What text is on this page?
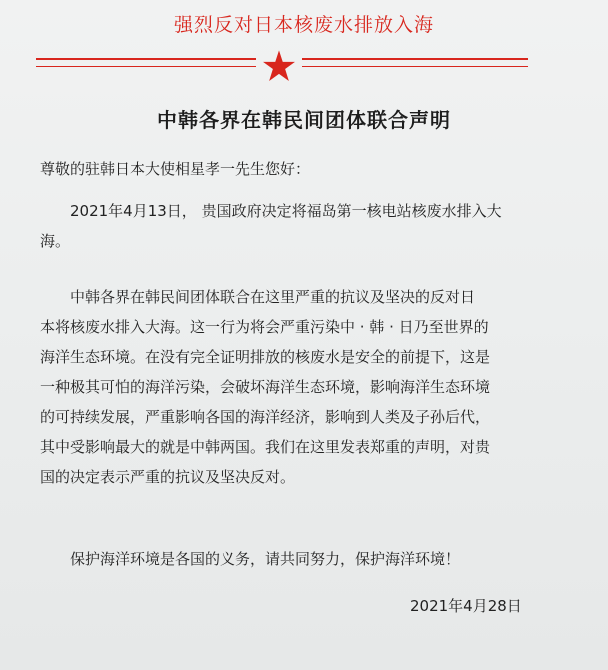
强烈反对日本核废水排放入海
中韩各界在韩民间团体联合声明
尊敬的驻韩日本大使相星孝一先生您好：

2021年4月13日， 贵国政府决定将福岛第一核电站核废水排入大
海。

中韩各界在韩民间团体联合在这里严重的抗议及坚决的反对日
本将核废水排入大海。这一行为将会严重污染中 · 韩 · 日乃至世界的
海洋生态环境。在没有完全证明排放的核废水是安全的前提下，这是
一种极其可怕的海洋污染，会破坏海洋生态环境，影响海洋生态环境
的可持续发展，严重影响各国的海洋经济，影响到人类及子孙后代，
其中受影响最大的就是中韩两国。我们在这里发表郑重的声明，对贵
国的决定表示严重的抗议及坚决反对。

保护海洋环境是各国的义务，请共同努力，保护海洋环境！

2021年4月28日
